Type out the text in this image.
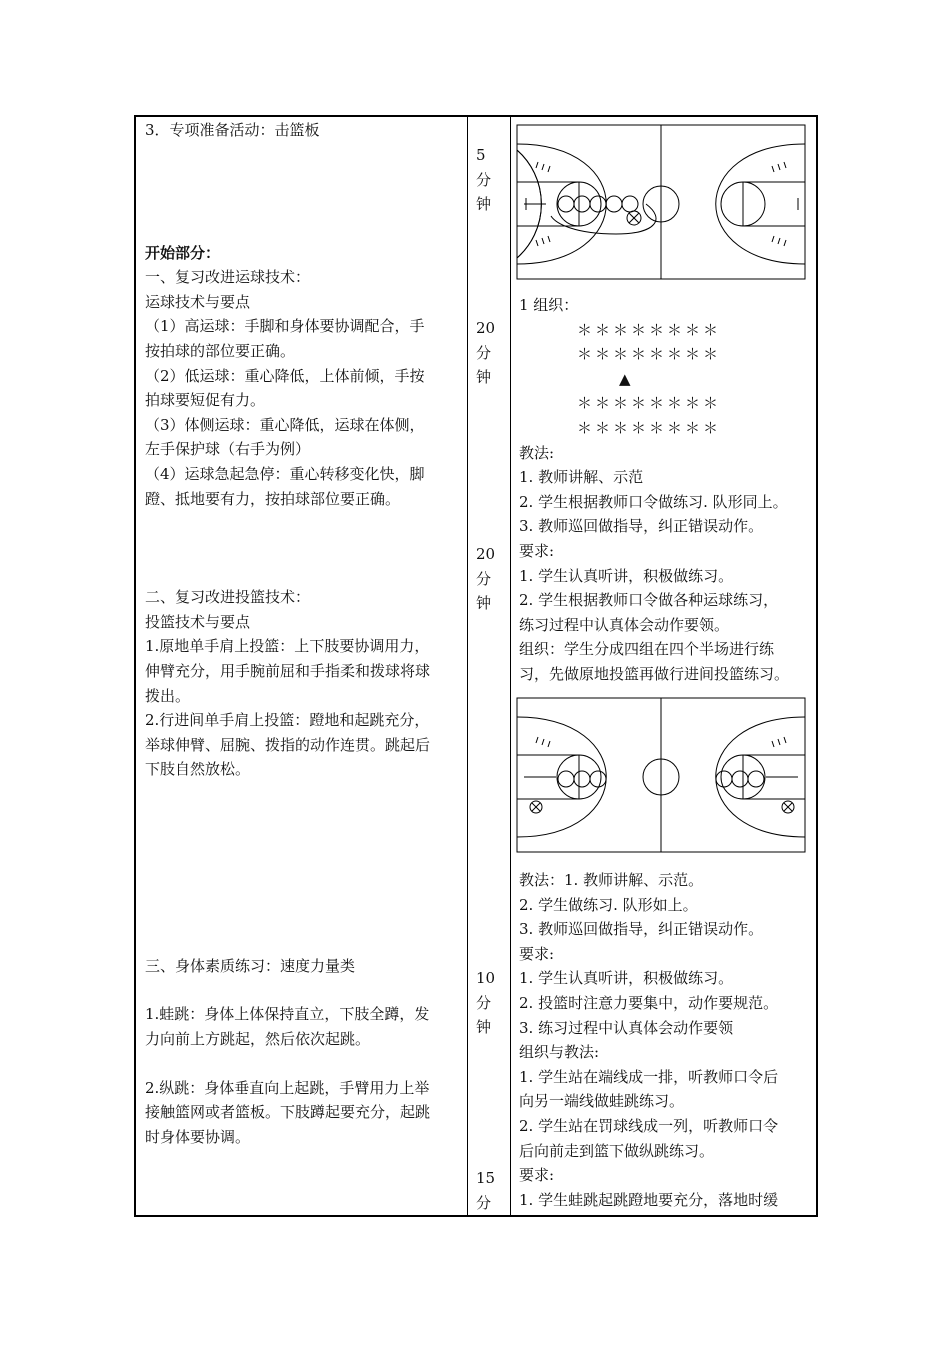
3．专项准备活动：击篮板
开始部分：
一、复习改进运球技术：
运球技术与要点
（1）高运球：手脚和身体要协调配合，手
按拍球的部位要正确。
（2）低运球：重心降低，上体前倾，手按
拍球要短促有力。
（3）体侧运球：重心降低，运球在体侧，
左手保护球（右手为例）
（4）运球急起急停：重心转移变化快，脚
蹬、抵地要有力，按拍球部位要正确。
二、复习改进投篮技术：
投篮技术与要点
1.原地单手肩上投篮：上下肢要协调用力，
伸臂充分，用手腕前屈和手指柔和拨球将球
拨出。
2.行进间单手肩上投篮：蹬地和起跳充分，
举球伸臂、屈腕、拨指的动作连贯。跳起后
下肢自然放松。
三、身体素质练习：速度力量类
1.蛙跳：身体上体保持直立，下肢全蹲，发
力向前上方跳起，然后依次起跳。
2.纵跳：身体垂直向上起跳，手臂用力上举
接触篮网或者篮板。下肢蹲起要充分，起跳
时身体要协调。
5
分
钟
20
分
钟
20
分
钟
10
分
钟
15
分
1 组织：
＊＊＊＊＊＊＊＊
＊＊＊＊＊＊＊＊
▲
＊＊＊＊＊＊＊＊
＊＊＊＊＊＊＊＊
教法:
1. 教师讲解、示范
2. 学生根据教师口令做练习. 队形同上。
3. 教师巡回做指导，纠正错误动作。
要求:
1. 学生认真听讲，积极做练习。
2. 学生根据教师口令做各种运球练习，
练习过程中认真体会动作要领。
组织：学生分成四组在四个半场进行练
习，先做原地投篮再做行进间投篮练习。
教法：1. 教师讲解、示范。
2. 学生做练习. 队形如上。
3. 教师巡回做指导，纠正错误动作。
要求:
1. 学生认真听讲，积极做练习。
2. 投篮时注意力要集中，动作要规范。
3. 练习过程中认真体会动作要领
组织与教法:
1. 学生站在端线成一排，听教师口令后
向另一端线做蛙跳练习。
2. 学生站在罚球线成一列，听教师口令
后向前走到篮下做纵跳练习。
要求:
1. 学生蛙跳起跳蹬地要充分，落地时缓
